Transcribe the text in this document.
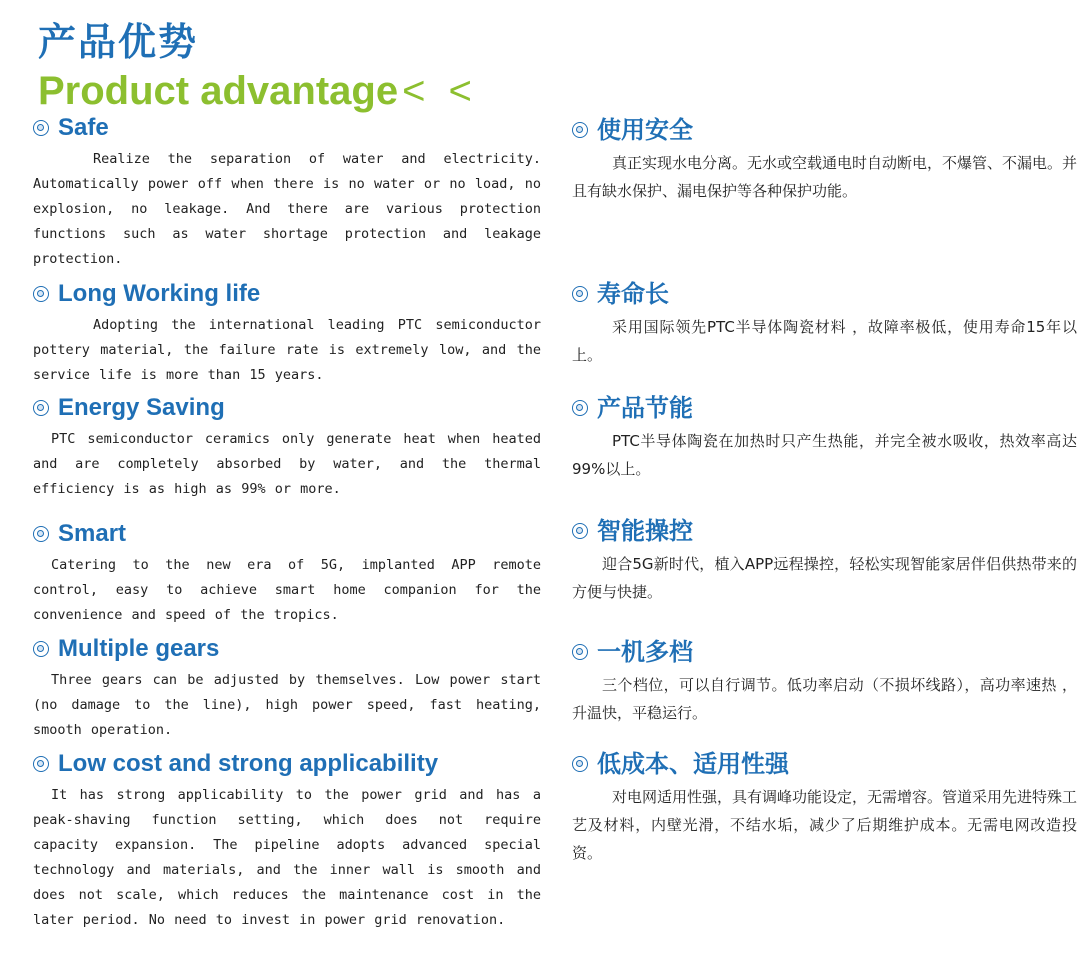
产品优势
Product advantage < <
Safe
Realize the separation of water and electricity. Automatically power off when there is no water or no load, no explosion, no leakage. And there are various protection functions such as water shortage protection and leakage protection.
Long Working life
Adopting the international leading PTC semiconductor pottery material, the failure rate is extremely low, and the service life is more than 15 years.
Energy Saving
PTC semiconductor ceramics only generate heat when heated and are completely absorbed by water, and the thermal efficiency is as high as 99% or more.
Smart
Catering to the new era of 5G, implanted APP remote control, easy to achieve smart home companion for the convenience and speed of the tropics.
Multiple gears
Three gears can be adjusted by themselves. Low power start (no damage to the line), high power speed, fast heating, smooth operation.
Low cost and strong applicability
It has strong applicability to the power grid and has a peak-shaving function setting, which does not require capacity expansion. The pipeline adopts advanced special technology and materials, and the inner wall is smooth and does not scale, which reduces the maintenance cost in the later period. No need to invest in power grid renovation.
使用安全
真正实现水电分离。无水或空载通电时自动断电，不爆管、不漏电。并且有缺水保护、漏电保护等各种保护功能。
寿命长
采用国际领先PTC半导体陶瓷材料 ，故障率极低，使用寿命15年以上。
产品节能
PTC半导体陶瓷在加热时只产生热能，并完全被水吸收，热效率高达99%以上。
智能操控
迎合5G新时代，植入APP远程操控，轻松实现智能家居伴侣供热带来的方便与快捷。
一机多档
三个档位，可以自行调节。低功率启动（不损坏线路），高功率速热 ，升温快，平稳运行。
低成本、适用性强
对电网适用性强，具有调峰功能设定，无需增容。管道采用先进特殊工艺及材料，内壁光滑，不结水垢，减少了后期维护成本。无需电网改造投资。
